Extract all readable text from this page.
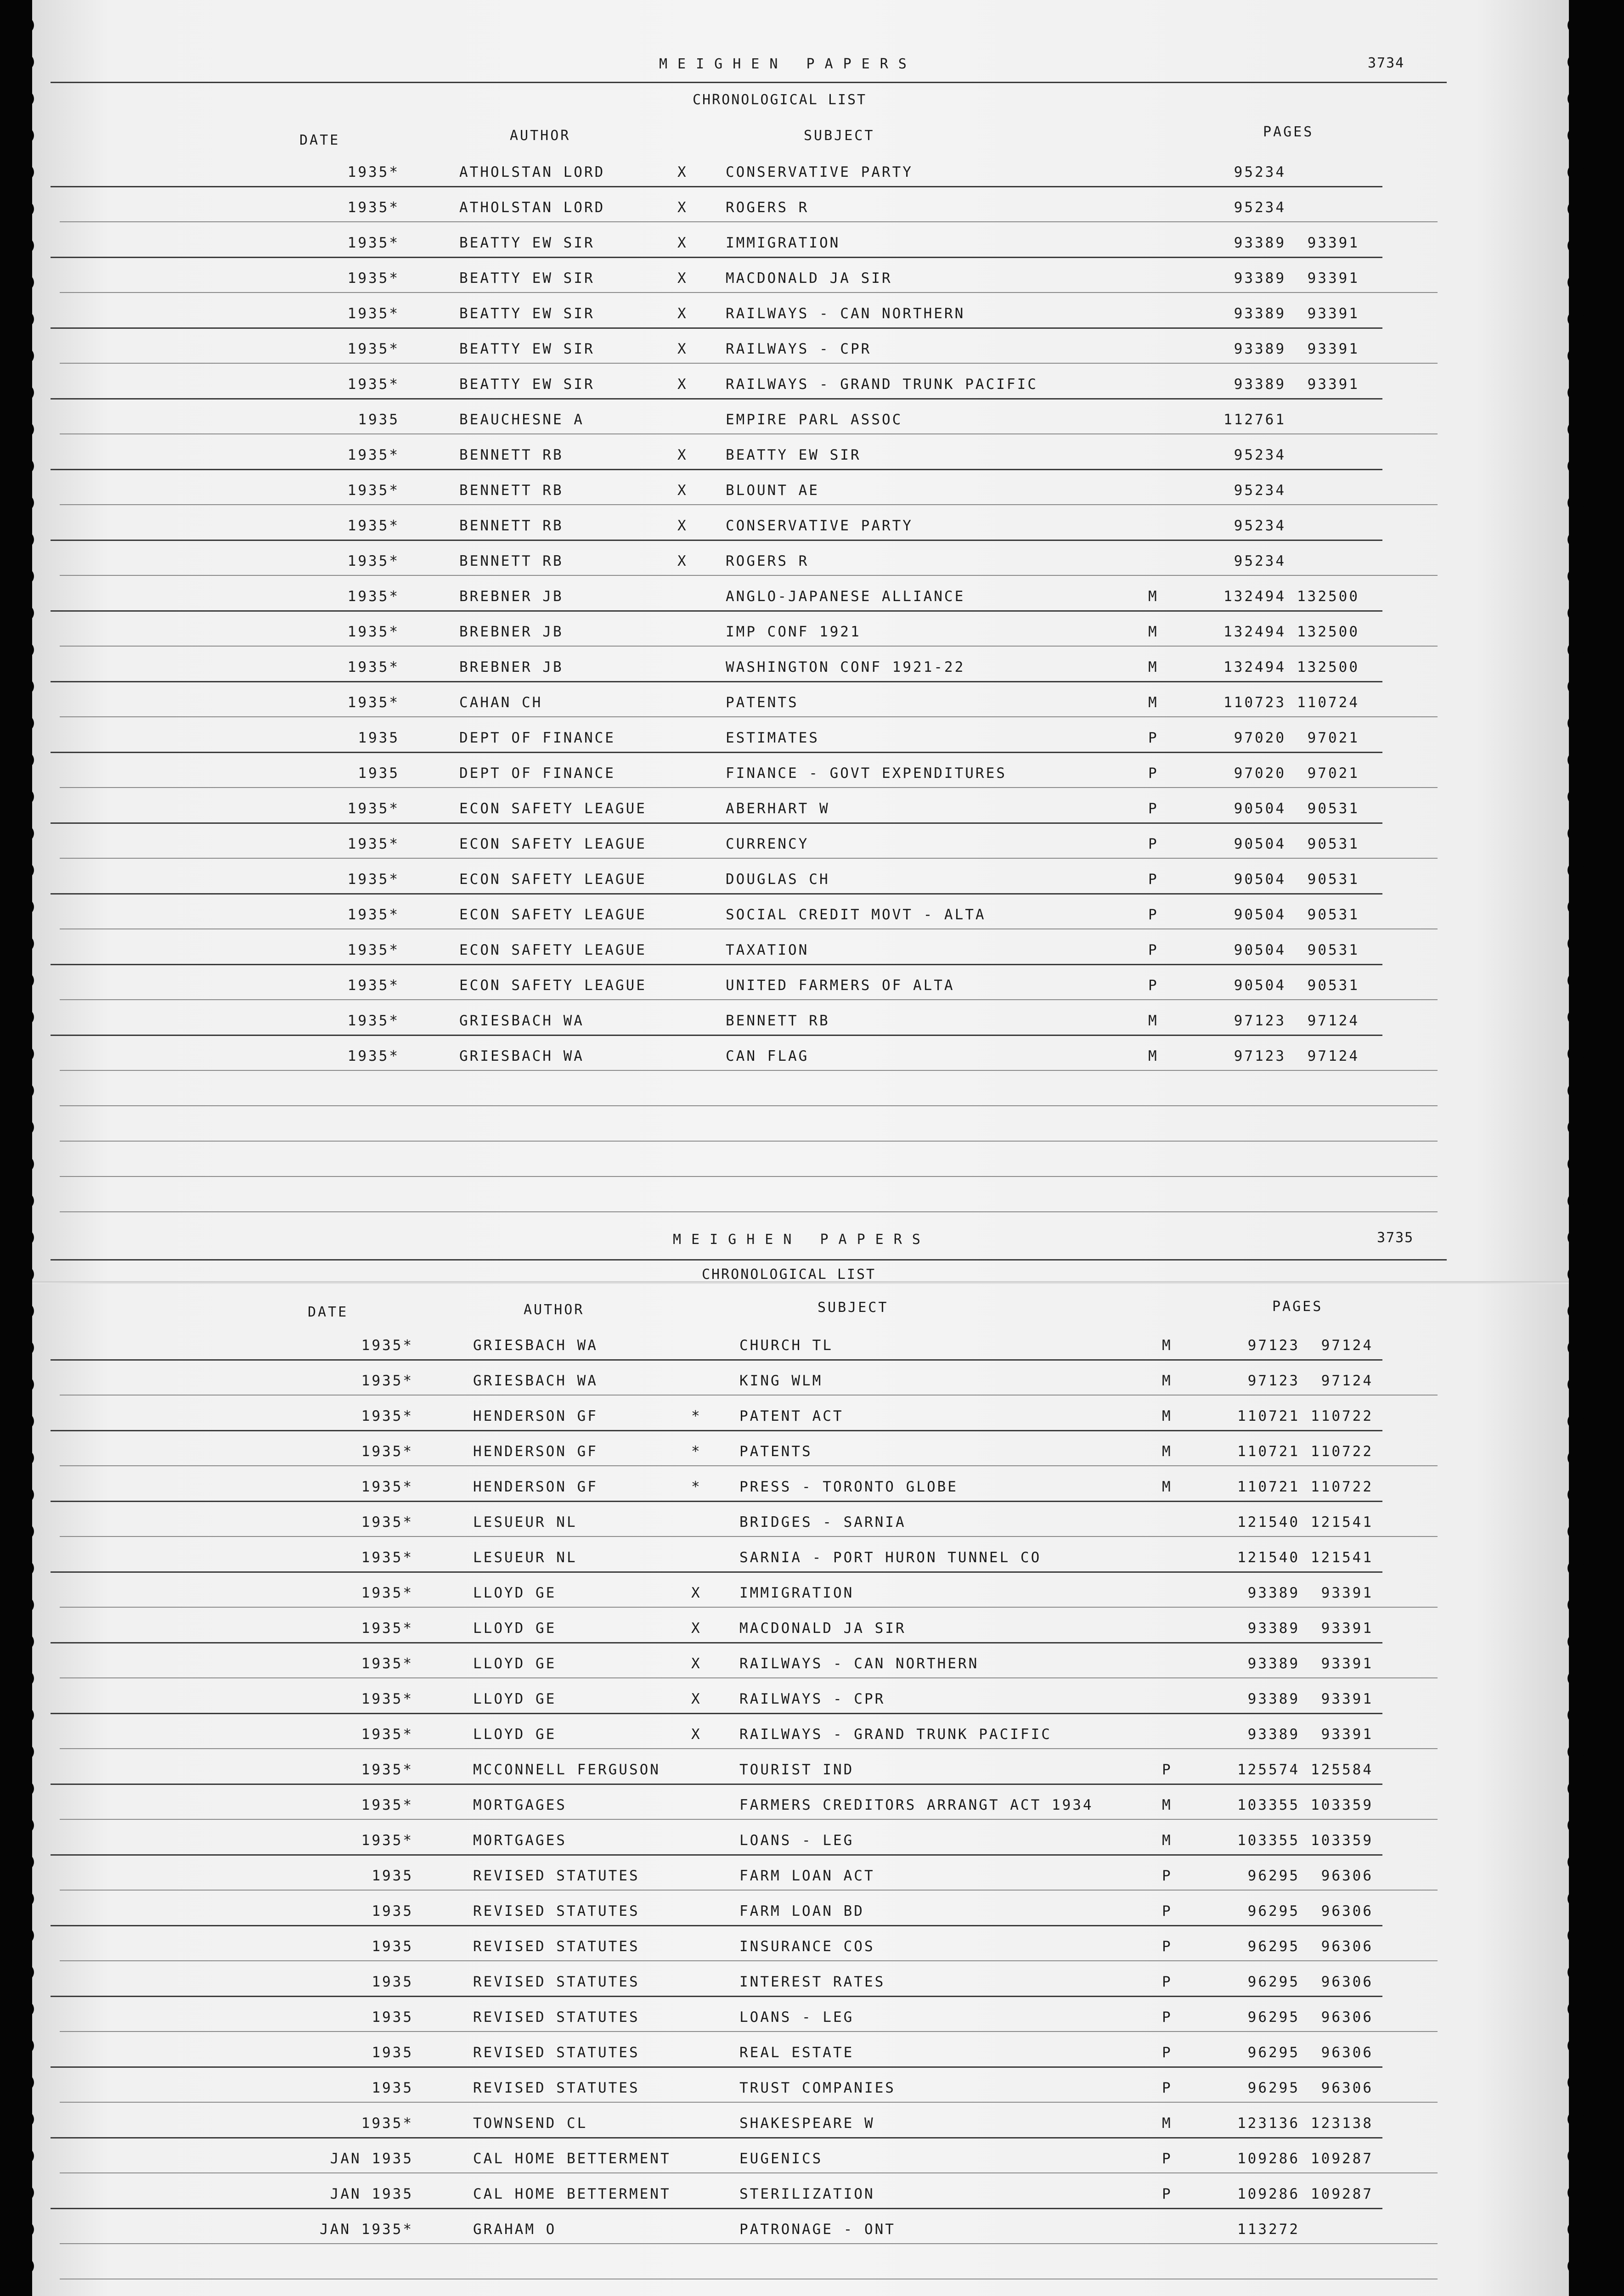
MEIGHEN PAPERS	3734
CHRONOLOGICAL LIST
DATE	AUTHOR	SUBJECT	PAGES
1935*	ATHOLSTAN LORD	X	CONSERVATIVE PARTY	95234
1935*	ATHOLSTAN LORD	X	ROGERS R	95234
1935*	BEATTY EW SIR	X	IMMIGRATION	93389	93391
1935*	BEATTY EW SIR	X	MACDONALD JA SIR	93389	93391
1935*	BEATTY EW SIR	X	RAILWAYS - CAN NORTHERN	93389	93391
1935*	BEATTY EW SIR	X	RAILWAYS - CPR	93389	93391
1935*	BEATTY EW SIR	X	RAILWAYS - GRAND TRUNK PACIFIC	93389	93391
1935	BEAUCHESNE A	EMPIRE PARL ASSOC	112761
1935*	BENNETT RB	X	BEATTY EW SIR	95234
1935*	BENNETT RB	X	BLOUNT AE	95234
1935*	BENNETT RB	X	CONSERVATIVE PARTY	95234
1935*	BENNETT RB	X	ROGERS R	95234
1935*	BREBNER JB	ANGLO-JAPANESE ALLIANCE	M	132494 132500
1935*	BREBNER JB	IMP CONF 1921	M	132494 132500
1935*	BREBNER JB	WASHINGTON CONF 1921-22	M	132494 132500
1935*	CAHAN CH	PATENTS	M	110723 110724
1935	DEPT OF FINANCE	ESTIMATES	P	97020	97021
1935	DEPT OF FINANCE	FINANCE - GOVT EXPENDITURES	P	97020	97021
1935*	ECON SAFETY LEAGUE	ABERHART W	P	90504	90531
1935*	ECON SAFETY LEAGUE	CURRENCY	P	90504	90531
1935*	ECON SAFETY LEAGUE	DOUGLAS CH	P	90504	90531
1935*	ECON SAFETY LEAGUE	SOCIAL CREDIT MOVT - ALTA	P	90504	90531
1935*	ECON SAFETY LEAGUE	TAXATION	P	90504	90531
1935*	ECON SAFETY LEAGUE	UNITED FARMERS OF ALTA	P	90504	90531
1935*	GRIESBACH WA	BENNETT RB	M	97123	97124
1935*	GRIESBACH WA	CAN FLAG	M	97123	97124
MEIGHEN PAPERS	3735
CHRONOLOGICAL LIST
DATE	AUTHOR	SUBJECT	PAGES
1935*	GRIESBACH WA	CHURCH TL	M	97123	97124
1935*	GRIESBACH WA	KING WLM	M	97123	97124
1935*	HENDERSON GF	*	PATENT ACT	M	110721 110722
1935*	HENDERSON GF	*	PATENTS	M	110721 110722
1935*	HENDERSON GF	*	PRESS - TORONTO GLOBE	M	110721 110722
1935*	LESUEUR NL	BRIDGES - SARNIA	121540 121541
1935*	LESUEUR NL	SARNIA - PORT HURON TUNNEL CO	121540 121541
1935*	LLOYD GE	X	IMMIGRATION	93389	93391
1935*	LLOYD GE	X	MACDONALD JA SIR	93389	93391
1935*	LLOYD GE	X	RAILWAYS - CAN NORTHERN	93389	93391
1935*	LLOYD GE	X	RAILWAYS - CPR	93389	93391
1935*	LLOYD GE	X	RAILWAYS - GRAND TRUNK PACIFIC	93389	93391
1935*	MCCONNELL FERGUSON	TOURIST IND	P	125574 125584
1935*	MORTGAGES	FARMERS CREDITORS ARRANGT ACT 1934	M	103355 103359
1935*	MORTGAGES	LOANS - LEG	M	103355 103359
1935	REVISED STATUTES	FARM LOAN ACT	P	96295	96306
1935	REVISED STATUTES	FARM LOAN BD	P	96295	96306
1935	REVISED STATUTES	INSURANCE COS	P	96295	96306
1935	REVISED STATUTES	INTEREST RATES	P	96295	96306
1935	REVISED STATUTES	LOANS - LEG	P	96295	96306
1935	REVISED STATUTES	REAL ESTATE	P	96295	96306
1935	REVISED STATUTES	TRUST COMPANIES	P	96295	96306
1935*	TOWNSEND CL	SHAKESPEARE W	M	123136 123138
JAN 1935	CAL HOME BETTERMENT	EUGENICS	P	109286 109287
JAN 1935	CAL HOME BETTERMENT	STERILIZATION	P	109286 109287
JAN 1935*	GRAHAM O	PATRONAGE - ONT	113272
